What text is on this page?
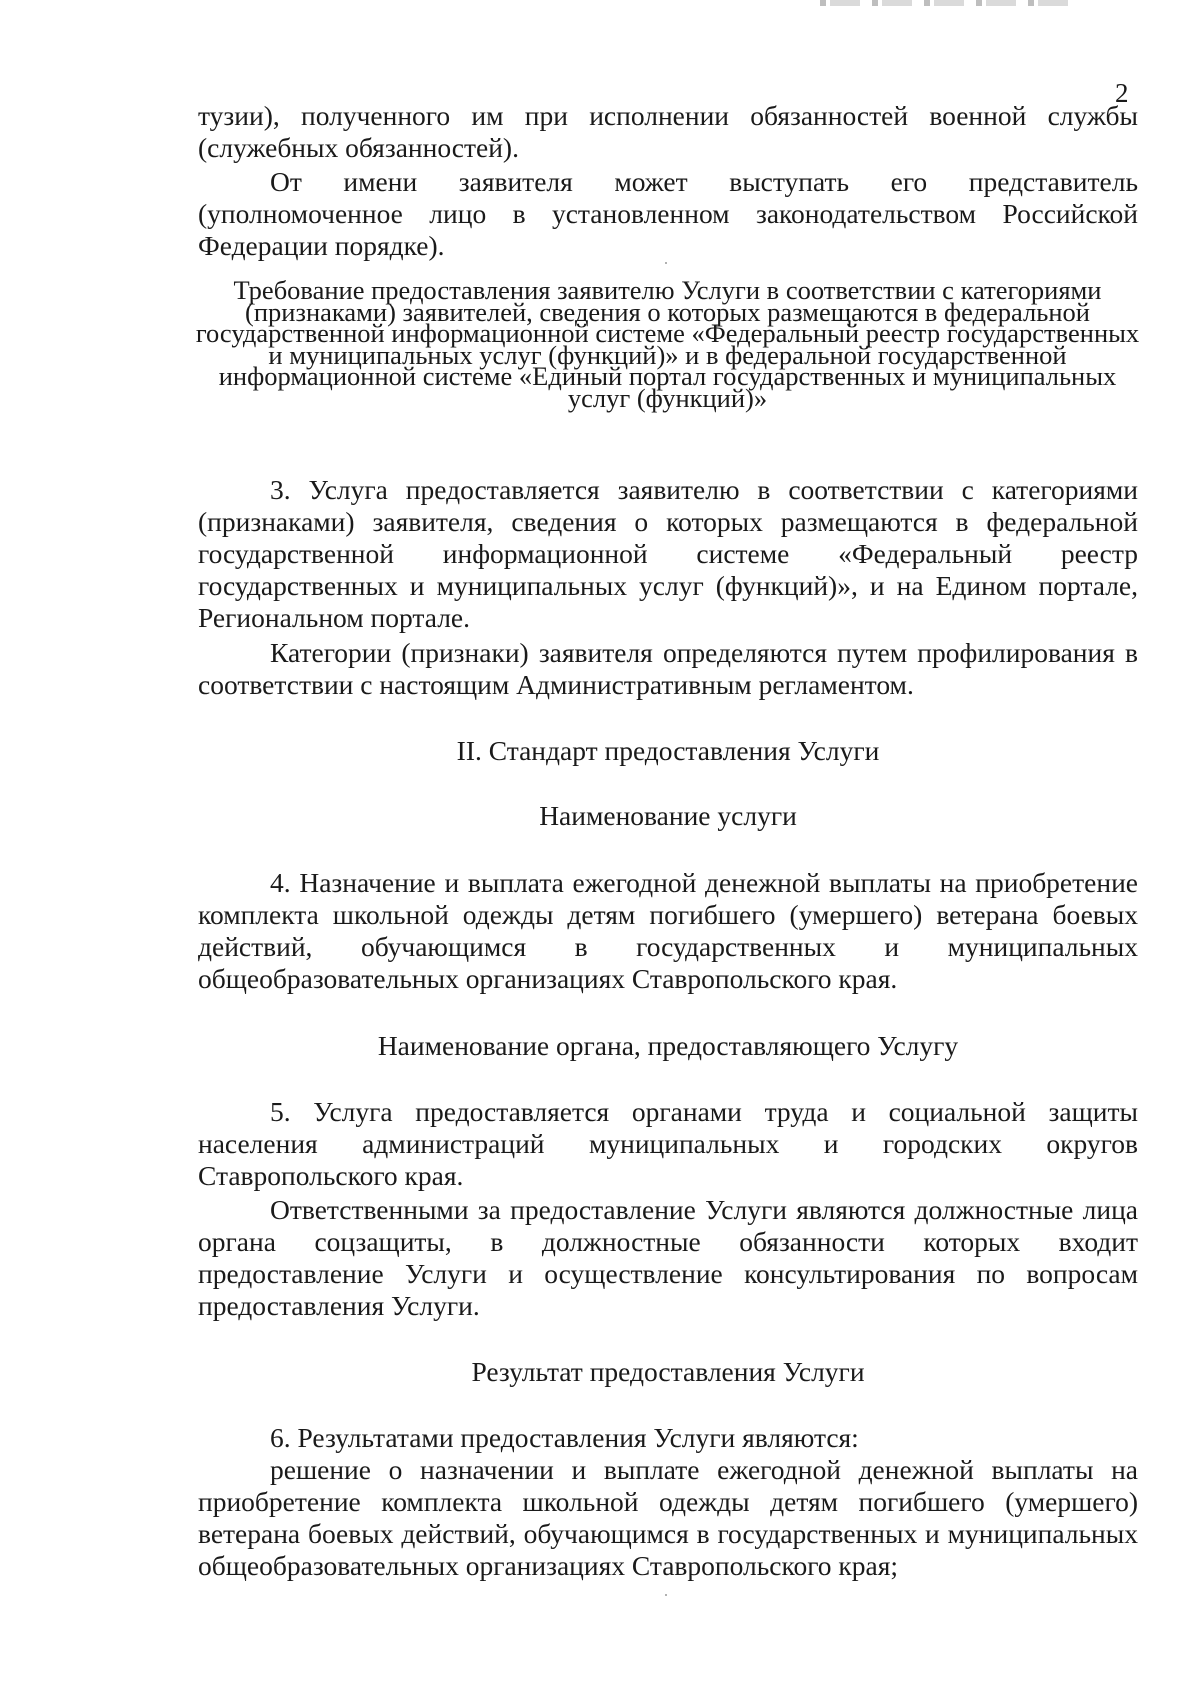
2

тузии), полученного им при исполнении обязанностей военной службы (служебных обязанностей).

От имени заявителя может выступать его представитель (уполномоченное лицо в установленном законодательством Российской Федерации порядке).

Требование предоставления заявителю Услуги в соответствии с категориями (признаками) заявителей, сведения о которых размещаются в федеральной государственной информационной системе «Федеральный реестр государственных и муниципальных услуг (функций)» и в федеральной государственной информационной системе «Единый портал государственных и муниципальных услуг (функций)»

3. Услуга предоставляется заявителю в соответствии с категориями (признаками) заявителя, сведения о которых размещаются в федеральной государственной информационной системе «Федеральный реестр государственных и муниципальных услуг (функций)», и на Едином портале, Региональном портале.

Категории (признаки) заявителя определяются путем профилирования в соответствии с настоящим Административным регламентом.

II. Стандарт предоставления Услуги

Наименование услуги

4. Назначение и выплата ежегодной денежной выплаты на приобретение комплекта школьной одежды детям погибшего (умершего) ветерана боевых действий, обучающимся в государственных и муниципальных общеобразовательных организациях Ставропольского края.

Наименование органа, предоставляющего Услугу

5. Услуга предоставляется органами труда и социальной защиты населения администраций муниципальных и городских округов Ставропольского края.

Ответственными за предоставление Услуги являются должностные лица органа соцзащиты, в должностные обязанности которых входит предоставление Услуги и осуществление консультирования по вопросам предоставления Услуги.

Результат предоставления Услуги

6. Результатами предоставления Услуги являются:

решение о назначении и выплате ежегодной денежной выплаты на приобретение комплекта школьной одежды детям погибшего (умершего) ветерана боевых действий, обучающимся в государственных и муниципальных общеобразовательных организациях Ставропольского края;
